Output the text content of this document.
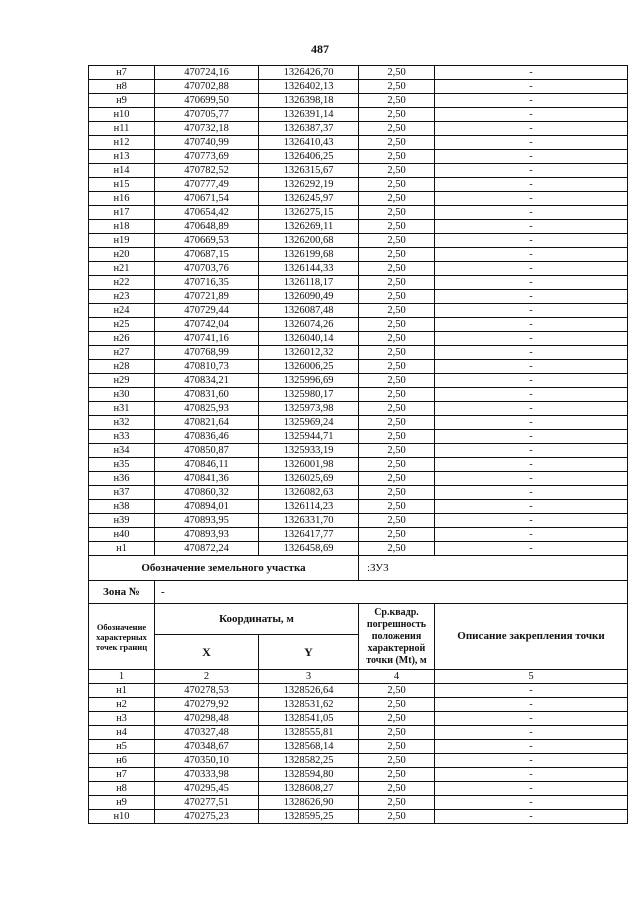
487
н7	470724,16	1326426,70	2,50	-
н8	470702,88	1326402,13	2,50	-
н9	470699,50	1326398,18	2,50	-
н10	470705,77	1326391,14	2,50	-
н11	470732,18	1326387,37	2,50	-
н12	470740,99	1326410,43	2,50	-
н13	470773,69	1326406,25	2,50	-
н14	470782,52	1326315,67	2,50	-
н15	470777,49	1326292,19	2,50	-
н16	470671,54	1326245,97	2,50	-
н17	470654,42	1326275,15	2,50	-
н18	470648,89	1326269,11	2,50	-
н19	470669,53	1326200,68	2,50	-
н20	470687,15	1326199,68	2,50	-
н21	470703,76	1326144,33	2,50	-
н22	470716,35	1326118,17	2,50	-
н23	470721,89	1326090,49	2,50	-
н24	470729,44	1326087,48	2,50	-
н25	470742,04	1326074,26	2,50	-
н26	470741,16	1326040,14	2,50	-
н27	470768,99	1326012,32	2,50	-
н28	470810,73	1326006,25	2,50	-
н29	470834,21	1325996,69	2,50	-
н30	470831,60	1325980,17	2,50	-
н31	470825,93	1325973,98	2,50	-
н32	470821,64	1325969,24	2,50	-
н33	470836,46	1325944,71	2,50	-
н34	470850,87	1325933,19	2,50	-
н35	470846,11	1326001,98	2,50	-
н36	470841,36	1326025,69	2,50	-
н37	470860,32	1326082,63	2,50	-
н38	470894,01	1326114,23	2,50	-
н39	470893,95	1326331,70	2,50	-
н40	470893,93	1326417,77	2,50	-
н1	470872,24	1326458,69	2,50	-
Обозначение земельного участка			:ЗУ3	
Зона №	-			
Обозначение характерных точек границ	Координаты, м		Ср.квадр. погрешность положения характерной точки (Mt), м	Описание закрепления точки
	X	Y		
1	2	3	4	5
н1	470278,53	1328526,64	2,50	-
н2	470279,92	1328531,62	2,50	-
н3	470298,48	1328541,05	2,50	-
н4	470327,48	1328555,81	2,50	-
н5	470348,67	1328568,14	2,50	-
н6	470350,10	1328582,25	2,50	-
н7	470333,98	1328594,80	2,50	-
н8	470295,45	1328608,27	2,50	-
н9	470277,51	1328626,90	2,50	-
н10	470275,23	1328595,25	2,50	-
